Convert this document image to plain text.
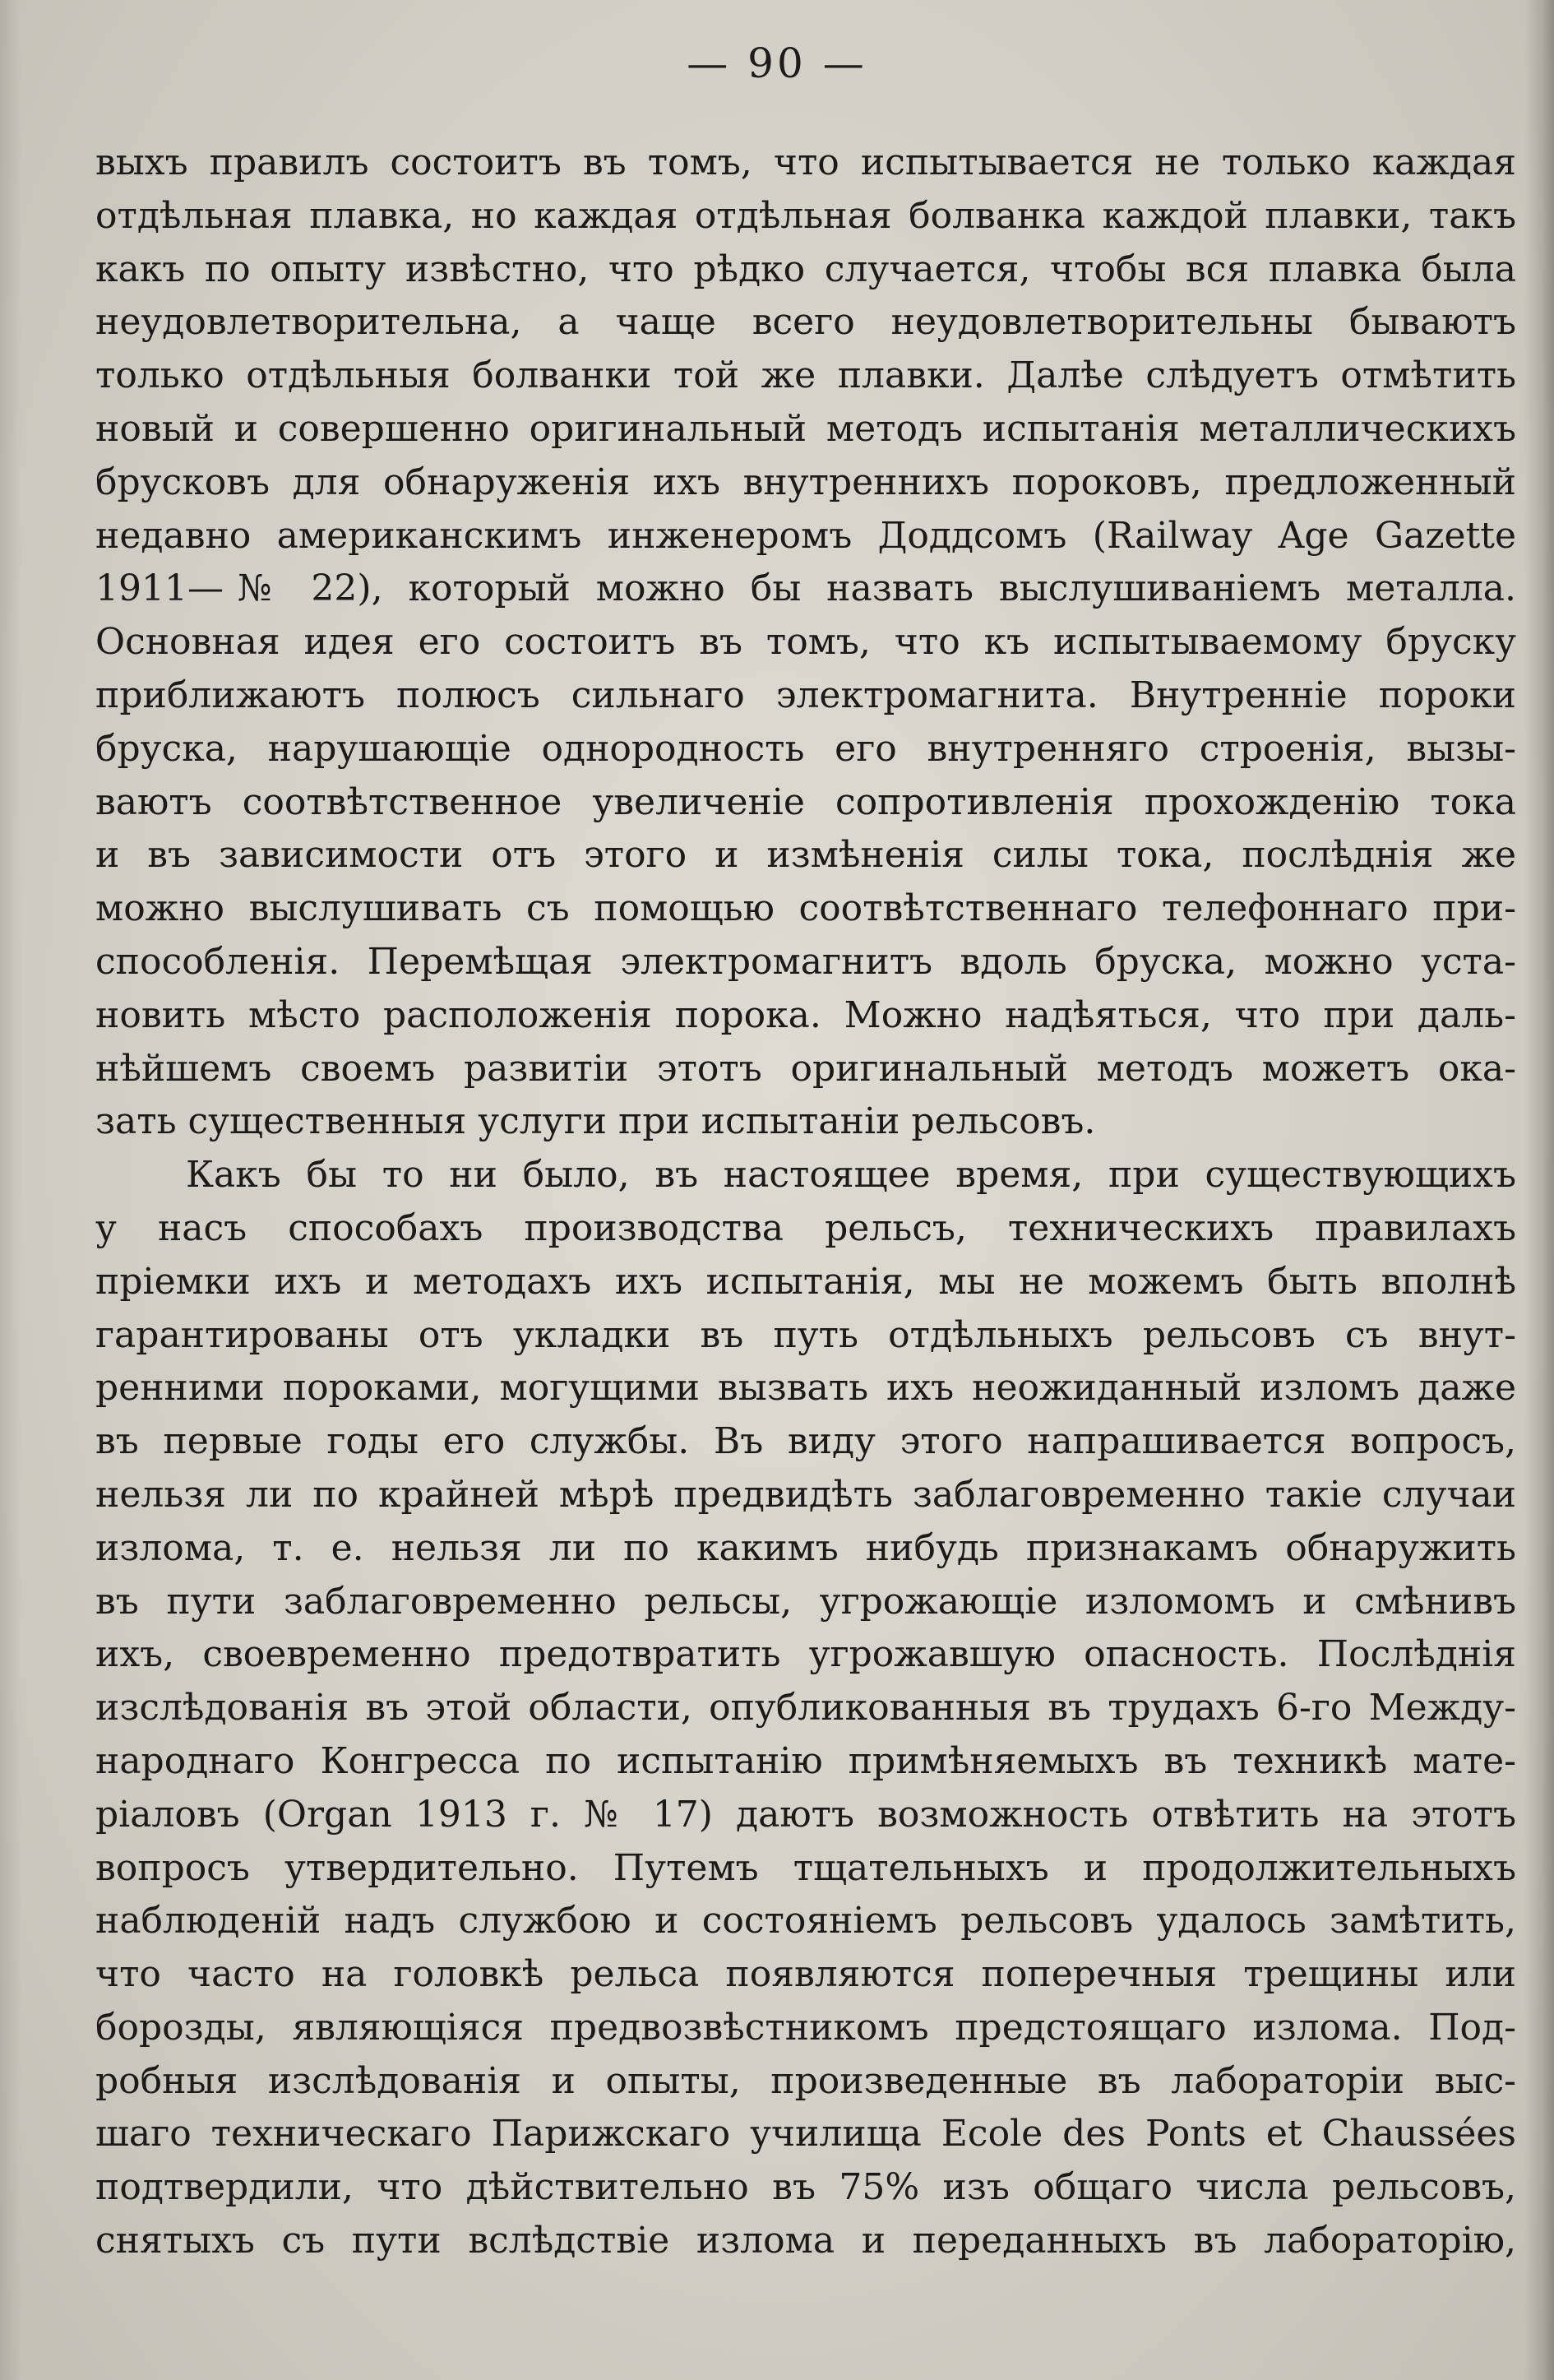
— 90 —
выхъ правилъ состоитъ въ томъ, что испытывается не только каждая
отдѣльная плавка, но каждая отдѣльная болванка каждой плавки, такъ
какъ по опыту извѣстно, что рѣдко случается, чтобы вся плавка была
неудовлетворительна, а чаще всего неудовлетворительны бываютъ
только отдѣльныя болванки той же плавки. Далѣе слѣдуетъ отмѣтить
новый и совершенно оригинальный методъ испытанія металлическихъ
брусковъ для обнаруженія ихъ внутреннихъ пороковъ, предложенный
недавно американскимъ инженеромъ Доддсомъ (Railway Age Gazette
1911—№ 22), который можно бы назвать выслушиваніемъ металла.
Основная идея его состоитъ въ томъ, что къ испытываемому бруску
приближаютъ полюсъ сильнаго электромагнита. Внутренніе пороки
бруска, нарушающіе однородность его внутренняго строенія, вызы-
ваютъ соотвѣтственное увеличеніе сопротивленія прохожденію тока
и въ зависимости отъ этого и измѣненія силы тока, послѣднія же
можно выслушивать съ помощью соотвѣтственнаго телефоннаго при-
способленія. Перемѣщая электромагнитъ вдоль бруска, можно уста-
новить мѣсто расположенія порока. Можно надѣяться, что при даль-
нѣйшемъ своемъ развитіи этотъ оригинальный методъ можетъ ока-
зать существенныя услуги при испытаніи рельсовъ.
Какъ бы то ни было, въ настоящее время, при существующихъ
у насъ способахъ производства рельсъ, техническихъ правилахъ
пріемки ихъ и методахъ ихъ испытанія, мы не можемъ быть вполнѣ
гарантированы отъ укладки въ путь отдѣльныхъ рельсовъ съ внут-
ренними пороками, могущими вызвать ихъ неожиданный изломъ даже
въ первые годы его службы. Въ виду этого напрашивается вопросъ,
нельзя ли по крайней мѣрѣ предвидѣть заблаговременно такіе случаи
излома, т. е. нельзя ли по какимъ нибудь признакамъ обнаружить
въ пути заблаговременно рельсы, угрожающіе изломомъ и смѣнивъ
ихъ, своевременно предотвратить угрожавшую опасность. Послѣднія
изслѣдованія въ этой области, опубликованныя въ трудахъ 6-го Между-
народнаго Конгресса по испытанію примѣняемыхъ въ техникѣ мате-
ріаловъ (Organ 1913 г. № 17) даютъ возможность отвѣтить на этотъ
вопросъ утвердительно. Путемъ тщательныхъ и продолжительныхъ
наблюденій надъ службою и состояніемъ рельсовъ удалось замѣтить,
что часто на головкѣ рельса появляются поперечныя трещины или
борозды, являющіяся предвозвѣстникомъ предстоящаго излома. Под-
робныя изслѣдованія и опыты, произведенные въ лабораторіи выс-
шаго техническаго Парижскаго училища Ecole des Ponts et Chaussées
подтвердили, что дѣйствительно въ 75% изъ общаго числа рельсовъ,
снятыхъ съ пути вслѣдствіе излома и переданныхъ въ лабораторію,
